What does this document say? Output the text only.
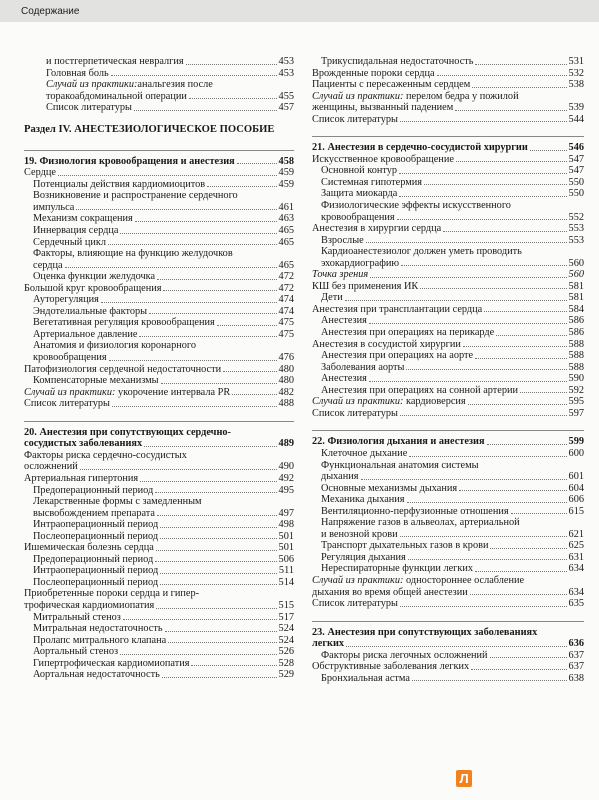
Содержание
и постгерпетическая невралгия	453
Головная боль	453
Случай из практики: анальгезия после
торакоабдоминальной операции	455
Список литературы	457
Раздел IV. АНЕСТЕЗИОЛОГИЧЕСКОЕ ПОСОБИЕ
19. Физиология кровообращения и анестезия	458
Сердце	459
Потенциалы действия кардиомиоцитов	459
Возникновение и распространение сердечного
импульса	461
Механизм сокращения	463
Иннервация сердца	465
Сердечный цикл	465
Факторы, влияющие на функцию желудочков
сердца	465
Оценка функции желудочка	472
Большой круг кровообращения	472
Ауторегуляция	474
Эндотелиальные факторы	474
Вегетативная регуляция кровообращения	475
Артериальное давление	475
Анатомия и физиология коронарного
кровообращения	476
Патофизиология сердечной недостаточности	480
Компенсаторные механизмы	480
Случай из практики: укорочение интервала PR	482
Список литературы	488
20. Анестезия при сопутствующих сердечно-
сосудистых заболеваниях	489
Факторы риска сердечно-сосудистых
осложнений	490
Артериальная гипертония	492
Предоперационный период	495
Лекарственные формы с замедленным
высвобождением препарата	497
Интраоперационный период	498
Послеоперационный период	501
Ишемическая болезнь сердца	501
Предоперационный период	506
Интраоперационный период	511
Послеоперационный период	514
Приобретенные пороки сердца и гипер-
трофическая кардиомиопатия	515
Митральный стеноз	517
Митральная недостаточность	524
Пролапс митрального клапана	524
Аортальный стеноз	526
Гипертрофическая кардиомиопатия	528
Аортальная недостаточность	529
Трикуспидальная недостаточность	531
Врожденные пороки сердца	532
Пациенты с пересаженным сердцем	538
Случай из практики: перелом бедра у пожилой
женщины, вызванный падением	539
Список литературы	544
21. Анестезия в сердечно-сосудистой хирургии	546
Искусственное кровообращение	547
Основной контур	547
Системная гипотермия	550
Защита миокарда	550
Физиологические эффекты искусственного
кровообращения	552
Анестезия в хирургии сердца	553
Взрослые	553
Кардиоанестезиолог должен уметь проводить
эхокардиографию	560
Точка зрения	560
КШ без применения ИК	581
Дети	581
Анестезия при трансплантации сердца	584
Анестезия	586
Анестезия при операциях на перикарде	586
Анестезия в сосудистой хирургии	588
Анестезия при операциях на аорте	588
Заболевания аорты	588
Анестезия	590
Анестезия при операциях на сонной артерии	592
Случай из практики: кардиоверсия	595
Список литературы	597
22. Физиология дыхания и анестезия	599
Клеточное дыхание	600
Функциональная анатомия системы
дыхания	601
Основные механизмы дыхания	604
Механика дыхания	606
Вентиляционно-перфузионные отношения	615
Напряжение газов в альвеолах, артериальной
и венозной крови	621
Транспорт дыхательных газов в крови	625
Регуляция дыхания	631
Нереспираторные функции легких	634
Случай из практики: одностороннее ослабление
дыхания во время общей анестезии	634
Список литературы	635
23. Анестезия при сопутствующих заболеваниях
легких	636
Факторы риска легочных осложнений	637
Обструктивные заболевания легких	637
Бронхиальная астма	638
Л
